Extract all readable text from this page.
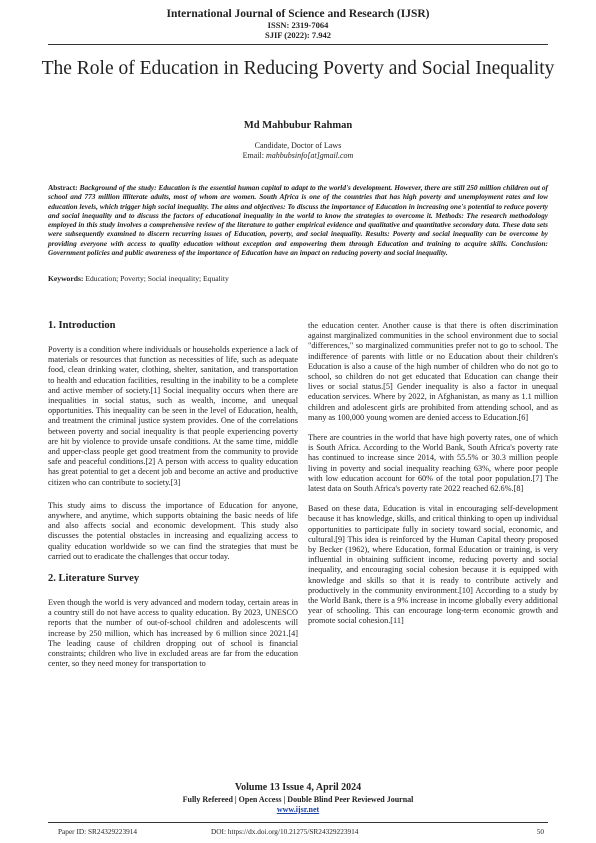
International Journal of Science and Research (IJSR)
ISSN: 2319-7064
SJIF (2022): 7.942
The Role of Education in Reducing Poverty and Social Inequality
Md Mahbubur Rahman
Candidate, Doctor of Laws
Email: mahbubsinfo[at]gmail.com
Abstract: Background of the study: Education is the essential human capital to adapt to the world's development. However, there are still 250 million children out of school and 773 million illiterate adults, most of whom are women. South Africa is one of the countries that has high poverty and unemployment rates and low education levels, which trigger high social inequality. The aims and objectives: To discuss the importance of Education in increasing one's potential to reduce poverty and social inequality and to discuss the factors of educational inequality in the world to know the strategies to overcome it. Methods: The research methodology employed in this study involves a comprehensive review of the literature to gather empirical evidence and qualitative and quantitative secondary data. These data sets were subsequently examined to discern recurring issues of Education, poverty, and social inequality. Results: Poverty and social inequality can be overcome by providing everyone with access to quality education without exception and empowering them through Education and training to acquire skills. Conclusion: Government policies and public awareness of the importance of Education have an impact on reducing poverty and social inequality.
Keywords: Education; Poverty; Social inequality; Equality
1. Introduction

Poverty is a condition where individuals or households experience a lack of materials or resources that function as necessities of life, such as adequate food, clean drinking water, clothing, shelter, sanitation, and transportation to health and education facilities, resulting in the inability to be a complete and active member of society.[1] Social inequality occurs when there are inequalities in social status, such as wealth, income, and unequal opportunities. This inequality can be seen in the level of Education, health, and treatment the criminal justice system provides. One of the correlations between poverty and social inequality is that people experiencing poverty are hit by violence to provide unsafe conditions. At the same time, middle and upper-class people get good treatment from the community to provide safe and peaceful conditions.[2] A person with access to quality education has great potential to get a decent job and become an active and productive citizen who can contribute to society.[3]

This study aims to discuss the importance of Education for anyone, anywhere, and anytime, which supports obtaining the basic needs of life and also affects social and economic development. This study also discusses the potential obstacles in increasing and equalizing access to quality education worldwide so we can find the strategies that must be carried out to eradicate the challenges that occur today.

2. Literature Survey

Even though the world is very advanced and modern today, certain areas in a country still do not have access to quality education. By 2023, UNESCO reports that the number of out-of-school children and adolescents will increase by 250 million, which has increased by 6 million since 2021.[4] The leading cause of children dropping out of school is financial constraints; children who live in excluded areas are far from the education center, so they need money for transportation to

the education center. Another cause is that there is often discrimination against marginalized communities in the school environment due to social "differences," so marginalized communities prefer not to go to school. The indifference of parents with little or no Education about their children's Education is also a cause of the high number of children who do not go to school, so children do not get educated that Education can change their lives or social status.[5] Gender inequality is also a factor in unequal education services. Where by 2022, in Afghanistan, as many as 1.1 million children and adolescent girls are prohibited from attending school, and as many as 100,000 young women are denied access to Education.[6]

There are countries in the world that have high poverty rates, one of which is South Africa. According to the World Bank, South Africa's poverty rate has continued to increase since 2014, with 55.5% or 30.3 million people living in poverty and social inequality reaching 63%, where poor people with low education account for 60% of the total poor population.[7] The latest data on South Africa's poverty rate 2022 reached 62.6%.[8]

Based on these data, Education is vital in encouraging self-development because it has knowledge, skills, and critical thinking to open up individual opportunities to participate fully in society toward social, economic, and cultural.[9] This idea is reinforced by the Human Capital theory proposed by Becker (1962), where Education, formal Education or training, is very influential in obtaining sufficient income, reducing poverty and social inequality, and encouraging social cohesion because it is equipped with knowledge and skills so that it is ready to contribute actively and productively in the community environment.[10] According to a study by the World Bank, there is a 9% increase in income globally every additional year of schooling. This can encourage long-term economic growth and promote social cohesion.[11]

Volume 13 Issue 4, April 2024
Fully Refereed | Open Access | Double Blind Peer Reviewed Journal
www.ijsr.net
Paper ID: SR24329223914	DOI: https://dx.doi.org/10.21275/SR24329223914	50
